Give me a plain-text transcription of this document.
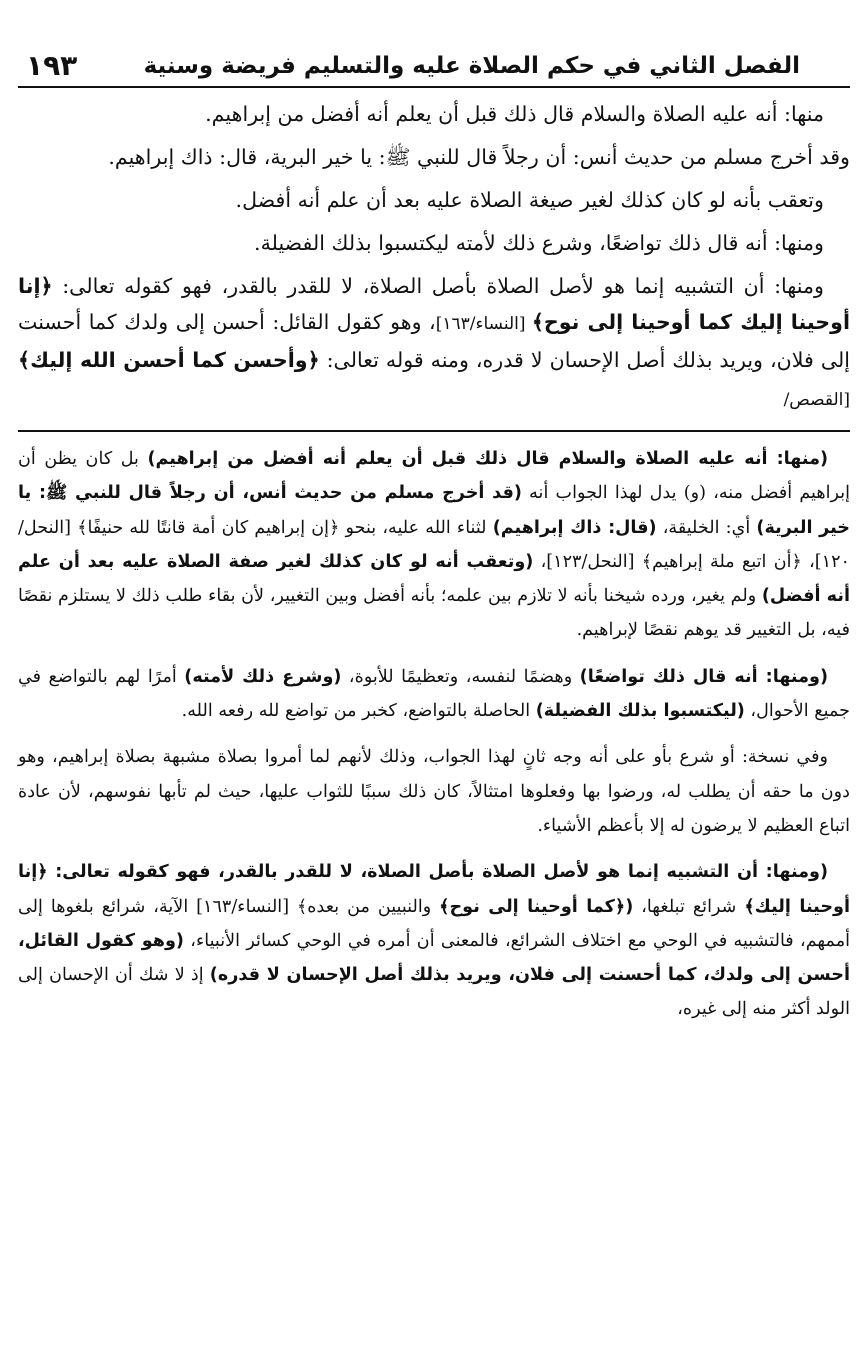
الفصل الثاني في حكم الصلاة عليه والتسليم فريضة وسنية
١٩٣

منها: أنه عليه الصلاة والسلام قال ذلك قبل أن يعلم أنه أفضل من إبراهيم.

وقد أخرج مسلم من حديث أنس: أن رجلاً قال للنبي ﷺ: يا خير البرية، قال: ذاك إبراهيم.

وتعقب بأنه لو كان كذلك لغير صيغة الصلاة عليه بعد أن علم أنه أفضل.

ومنها: أنه قال ذلك تواضعًا، وشرع ذلك لأمته ليكتسبوا بذلك الفضيلة.

ومنها: أن التشبيه إنما هو لأصل الصلاة بأصل الصلاة، لا للقدر بالقدر، فهو كقوله تعالى: ﴿إنا أوحينا إليك كما أوحينا إلى نوح﴾ [النساء/١٦٣]، وهو كقول القائل: أحسن إلى ولدك كما أحسنت إلى فلان، ويريد بذلك أصل الإحسان لا قدره، ومنه قوله تعالى: ﴿وأحسن كما أحسن الله إليك﴾ [القصص/

(منها: أنه عليه الصلاة والسلام قال ذلك قبل أن يعلم أنه أفضل من إبراهيم) بل كان يظن أن إبراهيم أفضل منه، (و) يدل لهذا الجواب أنه (قد أخرج مسلم من حديث أنس، أن رجلاً قال للنبي ﷺ: يا خير البرية) أي: الخليقة، (قال: ذاك إبراهيم) لثناء الله عليه، بنحو ﴿إن إبراهيم كان أمة قانتًا لله حنيفًا﴾ [النحل/١٢٠]، ﴿أن اتبع ملة إبراهيم﴾ [النحل/١٢٣]، (وتعقب أنه لو كان كذلك لغير صفة الصلاة عليه بعد أن علم أنه أفضل) ولم يغير، ورده شيخنا بأنه لا تلازم بين علمه؛ بأنه أفضل وبين التغيير، لأن بقاء طلب ذلك لا يستلزم نقصًا فيه، بل التغيير قد يوهم نقصًا لإبراهيم.

(ومنها: أنه قال ذلك تواضعًا) وهضمًا لنفسه، وتعظيمًا للأبوة، (وشرع ذلك لأمته) أمرًا لهم بالتواضع في جميع الأحوال، (ليكتسبوا بذلك الفضيلة) الحاصلة بالتواضع، كخبر من تواضع لله رفعه الله.

وفي نسخة: أو شرع بأو على أنه وجه ثانٍ لهذا الجواب، وذلك لأنهم لما أمروا بصلاة مشبهة بصلاة إبراهيم، وهو دون ما حقه أن يطلب له، ورضوا بها وفعلوها امتثالاً، كان ذلك سببًا للثواب عليها، حيث لم تأبها نفوسهم، لأن عادة اتباع العظيم لا يرضون له إلا بأعظم الأشياء.

(ومنها: أن التشبيه إنما هو لأصل الصلاة بأصل الصلاة، لا للقدر بالقدر، فهو كقوله تعالى: ﴿إنا أوحينا إليك﴾ شرائع تبلغها، (﴿كما أوحينا إلى نوح﴾ والنبيين من بعده﴾ [النساء/١٦٣] الآية، شرائع بلغوها إلى أممهم، فالتشبيه في الوحي مع اختلاف الشرائع، فالمعنى أن أمره في الوحي كسائر الأنبياء، (وهو كقول القائل، أحسن إلى ولدك، كما أحسنت إلى فلان، ويريد بذلك أصل الإحسان لا قدره) إذ لا شك أن الإحسان إلى الولد أكثر منه إلى غيره،
